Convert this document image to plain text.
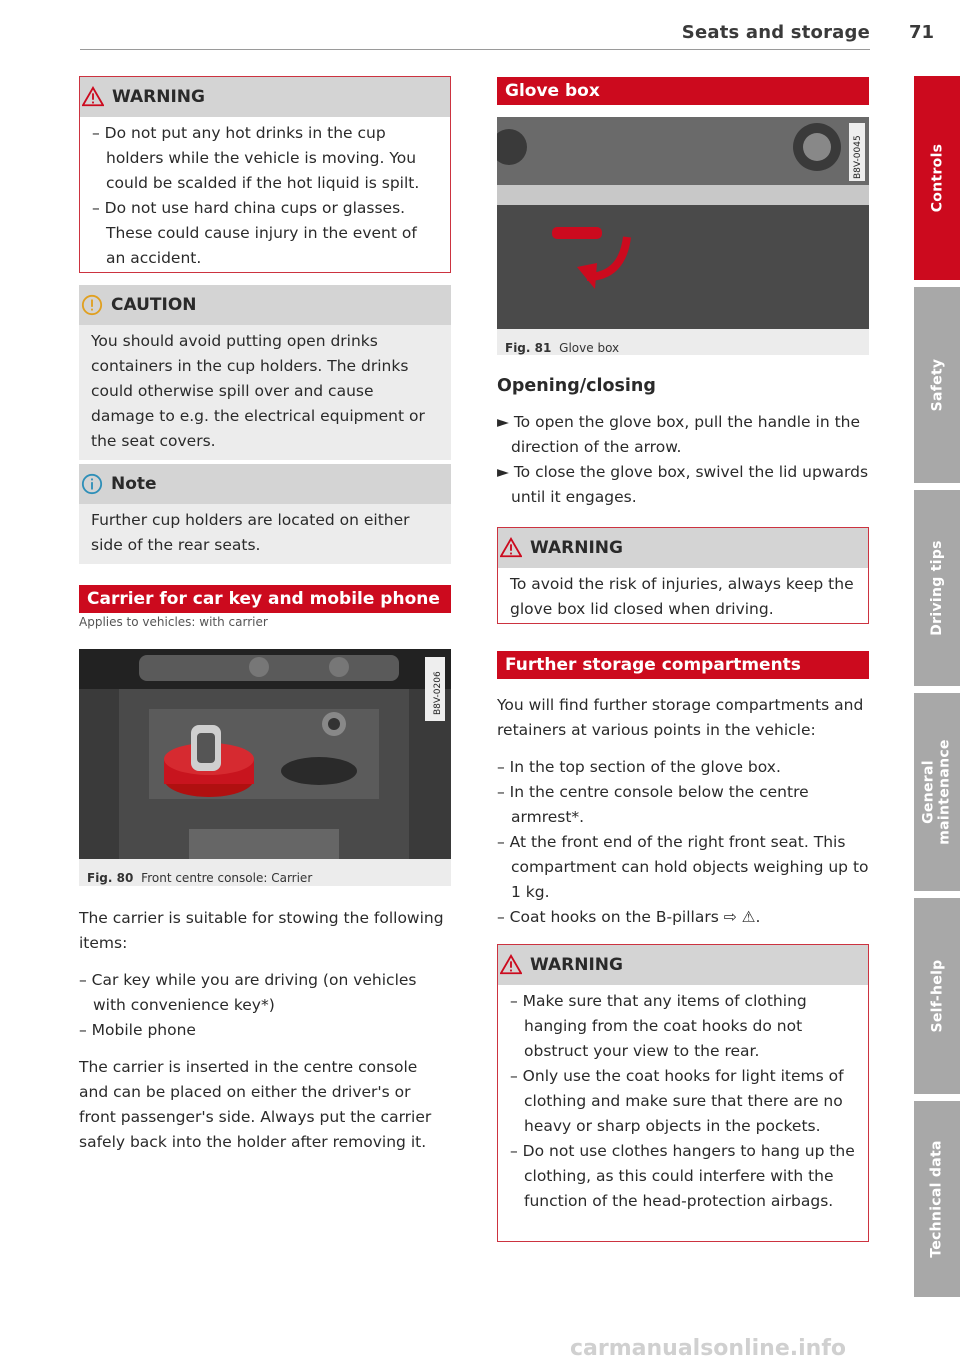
Seats and storage 71
WARNING

– Do not put any hot drinks in the cup holders while the vehicle is moving. You could be scalded if the hot liquid is spilt.

– Do not use hard china cups or glasses. These could cause injury in the event of an accident.

CAUTION

You should avoid putting open drinks containers in the cup holders. The drinks could otherwise spill over and cause damage to e.g. the electrical equipment or the seat covers.

Note

Further cup holders are located on either side of the rear seats.

Carrier for car key and mobile phone
Applies to vehicles: with carrier
B8V-0206
Fig. 80 Front centre console: Carrier

The carrier is suitable for stowing the following items:

– Car key while you are driving (on vehicles with convenience key*)

– Mobile phone

The carrier is inserted in the centre console and can be placed on either the driver's or front passenger's side. Always put the carrier safely back into the holder after removing it.

Glove box
B8V-0045
Fig. 81 Glove box
Opening/closing

► To open the glove box, pull the handle in the direction of the arrow.

► To close the glove box, swivel the lid upwards until it engages.

WARNING

To avoid the risk of injuries, always keep the glove box lid closed when driving.

Further storage compartments

You will find further storage compartments and retainers at various points in the vehicle:

– In the top section of the glove box.

– In the centre console below the centre armrest*.

– At the front end of the right front seat. This compartment can hold objects weighing up to 1 kg.

– Coat hooks on the B-pillars ⇨ ⚠.

WARNING

– Make sure that any items of clothing hanging from the coat hooks do not obstruct your view to the rear.

– Only use the coat hooks for light items of clothing and make sure that there are no heavy or sharp objects in the pockets.

– Do not use clothes hangers to hang up the clothing, as this could interfere with the function of the head-protection airbags.

Controls
Safety
Driving tips
General maintenance
Self-help
Technical data
carmanualsonline.info
